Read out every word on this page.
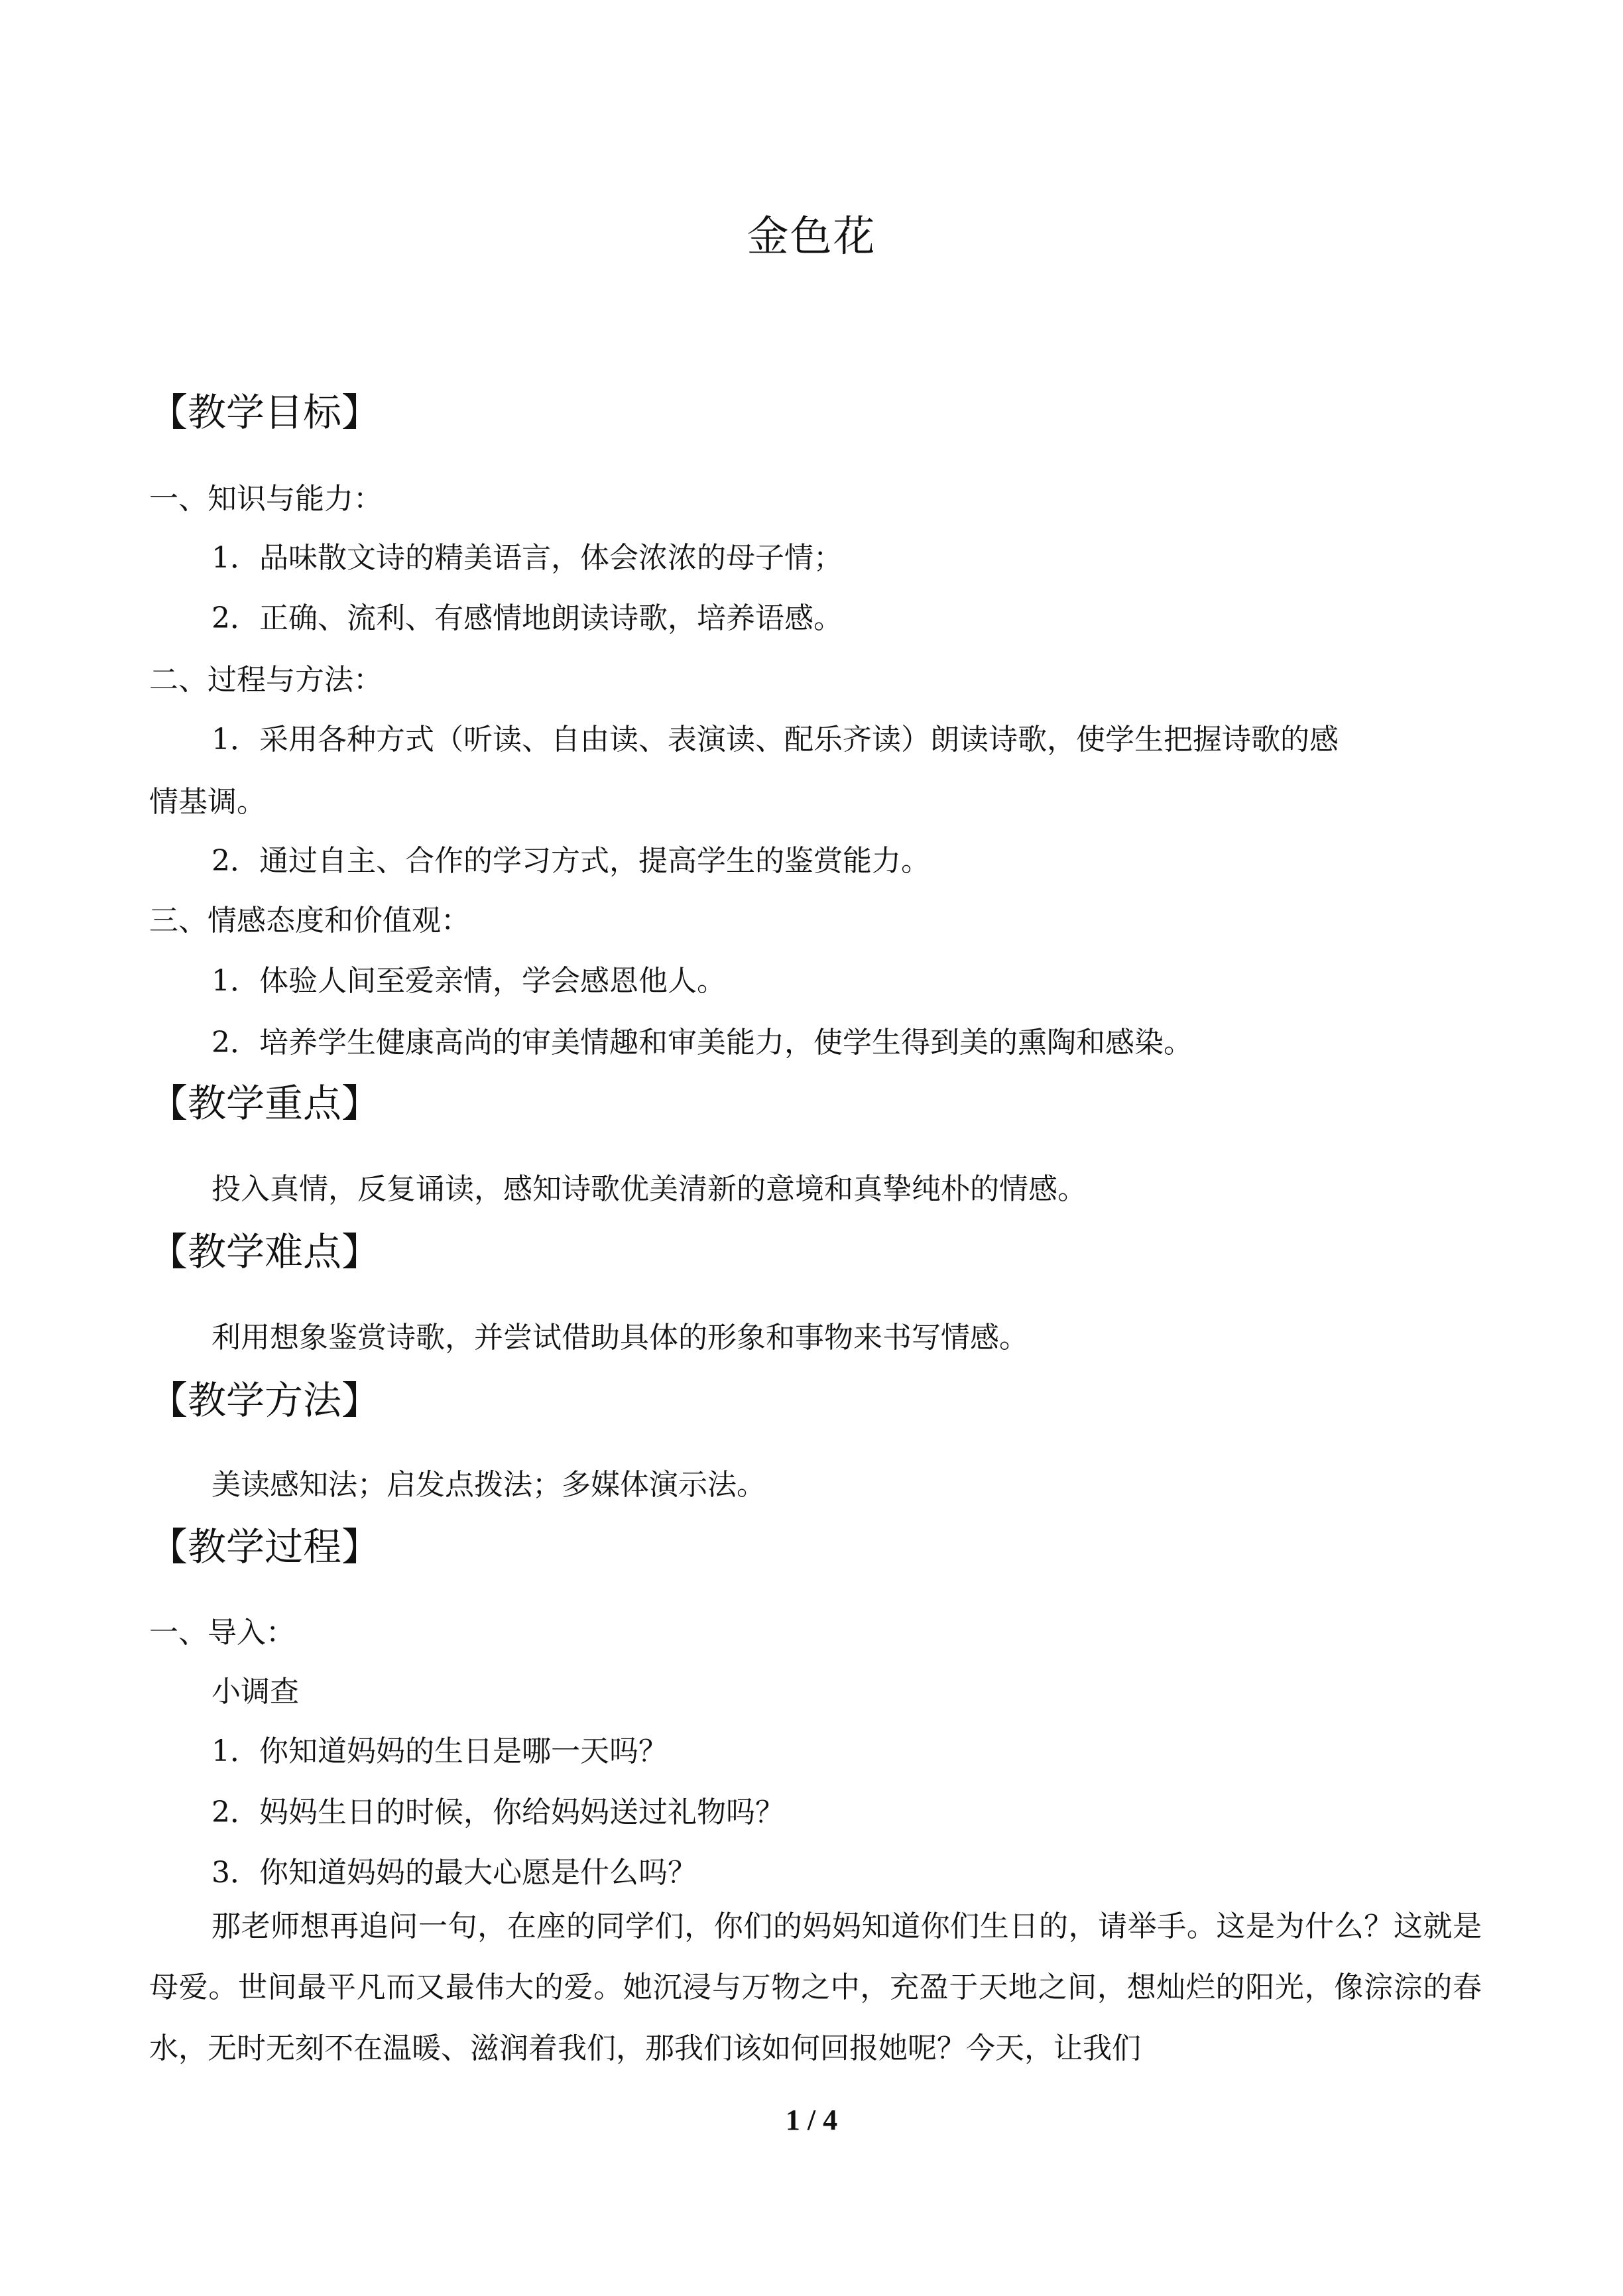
金色花
【教学目标】
一、知识与能力：
1．品味散文诗的精美语言，体会浓浓的母子情；
2．正确、流利、有感情地朗读诗歌，培养语感。
二、过程与方法：
1．采用各种方式（听读、自由读、表演读、配乐齐读）朗读诗歌，使学生把握诗歌的感
情基调。
2．通过自主、合作的学习方式，提高学生的鉴赏能力。
三、情感态度和价值观：
1．体验人间至爱亲情，学会感恩他人。
2．培养学生健康高尚的审美情趣和审美能力，使学生得到美的熏陶和感染。
【教学重点】
投入真情，反复诵读，感知诗歌优美清新的意境和真挚纯朴的情感。
【教学难点】
利用想象鉴赏诗歌，并尝试借助具体的形象和事物来书写情感。
【教学方法】
美读感知法；启发点拨法；多媒体演示法。
【教学过程】
一、导入：
小调查
1．你知道妈妈的生日是哪一天吗？
2．妈妈生日的时候，你给妈妈送过礼物吗？
3．你知道妈妈的最大心愿是什么吗？
那老师想再追问一句，在座的同学们，你们的妈妈知道你们生日的，请举手。这是为什么？这就是母爱。世间最平凡而又最伟大的爱。她沉浸与万物之中，充盈于天地之间，想灿烂的阳光，像淙淙的春水，无时无刻不在温暖、滋润着我们，那我们该如何回报她呢？今天，让我们
1 / 4
